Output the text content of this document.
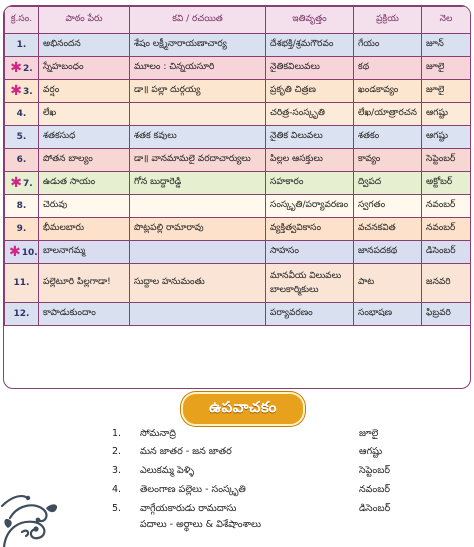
క్ర.సం.	పాఠం పేరు	కవి / రచయిత	ఇతివృత్తం	ప్రక్రియ	నెల
1.	అభినందన	శేషం లక్ష్మీనారాయణాచార్య	దేశభక్తి/శ్రమగౌరవం	గేయం	జూన్
✱2.	స్నేహబంధం	మూలం : చిన్నయసూరి	నైతికవిలువలు	కథ	జూలై
✱3.	వర్షం	డా॥ పల్లా దుర్గయ్య	ప్రకృతి చిత్రణ	ఖండకావ్యం	జూలై
4.	లేఖ		చరిత్ర-సంస్కృతి	లేఖ/యాత్రారచన	ఆగష్టు
5.	శతకసుధ	శతక కవులు	నైతిక విలువలు	శతకం	ఆగష్టు
6.	పోతన బాల్యం	డా॥ వానమామలై వరదాచార్యులు	పిల్లల ఆసక్తులు	కావ్యం	సెప్టెంబర్
✱7.	ఉడుత సాయం	గోన బుద్దారెడ్డి	సహకారం	ద్విపద	అక్టోబర్
8.	చెరువు		సంస్కృతి/పర్యావరణం	స్వగతం	నవంబర్
9.	భీమలబారు	పొట్లపల్లి రామారావు	వ్యక్తిత్వవికాసం	వచనకవిత	నవంబర్
✱10.	బాలనాగమ్మ		సాహసం	జానపదకథ	డిసెంబర్
11.	పల్లెటూరి పిల్లగాడా!	సుద్దాల హనుమంతు	మానవీయ విలువలు
బాలకార్మికులు	పాట	జనవరి
12.	కాపాడుకుందాం		పర్యావరణం	సంభాషణ	ఫిబ్రవరి
ఉపవాచకం
1.	సోమనాద్రి	జూలై
2.	మన జాతర - జన జాతర	ఆగష్టు
3.	ఎలుకమ్మ పెళ్ళి	సెప్టెంబర్
4.	తెలంగాణ పల్లెలు - సంస్కృతి	నవంబర్
5.	వాగ్గేయకారుడు రామదాసు	డిసెంబర్
పదాలు - అర్థాలు & విశేషాంశాలు
